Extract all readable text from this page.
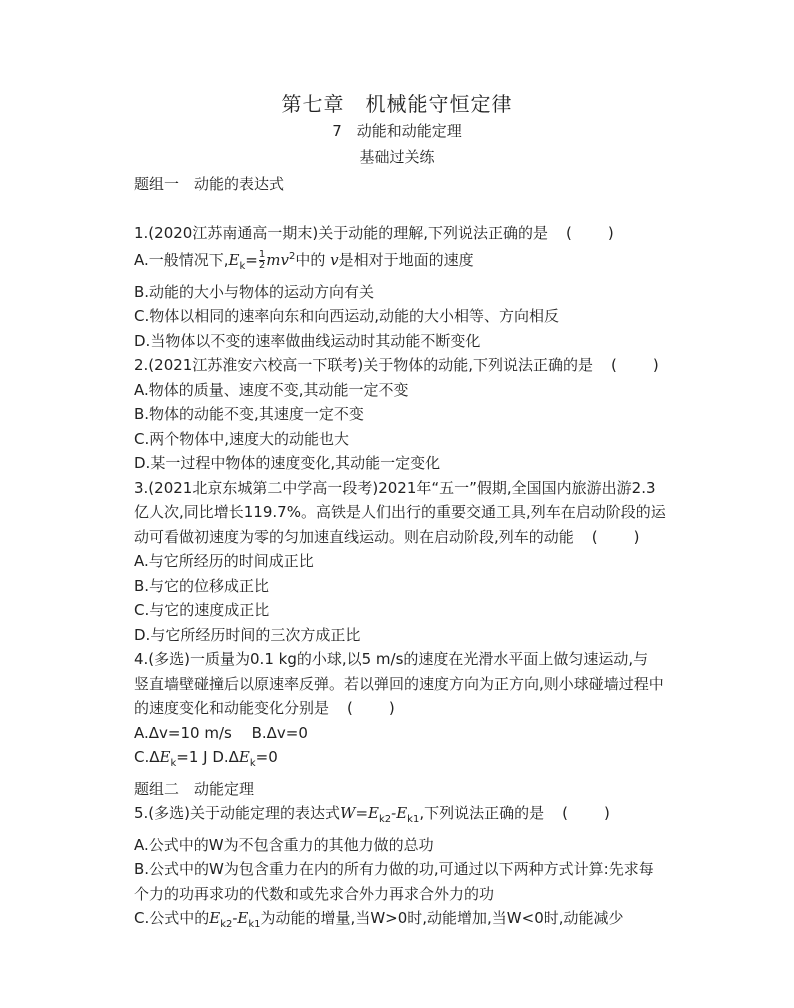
第七章　机械能守恒定律
7　动能和动能定理
基础过关练

题组一　动能的表达式

1.(2020江苏南通高一期末)关于动能的理解,下列说法正确的是 (　　)

A.一般情况下$,E_k= \frac{1}{2} mv^2$中的 v是相对于地面的速度

B.动能的大小与物体的运动方向有关

C.物体以相同的速率向东和向西运动,动能的大小相等、方向相反

D.当物体以不变的速率做曲线运动时其动能不断变化

2.(2021江苏淮安六校高一下联考)关于物体的动能,下列说法正确的是 (　　)

A.物体的质量、速度不变,其动能一定不变

B.物体的动能不变,其速度一定不变

C.两个物体中,速度大的动能也大

D.某一过程中物体的速度变化,其动能一定变化

3.(2021北京东城第二中学高一段考)2021年“五一”假期,全国国内旅游出游2.3

亿人次,同比增长119.7%。高铁是人们出行的重要交通工具,列车在启动阶段的运

动可看做初速度为零的匀加速直线运动。则在启动阶段,列车的动能 (　　)

A.与它所经历的时间成正比

B.与它的位移成正比

C.与它的速度成正比

D.与它所经历时间的三次方成正比

4.(多选)一质量为0.1 kg的小球,以5 m/s的速度在光滑水平面上做匀速运动,与

竖直墙壁碰撞后以原速率反弹。若以弹回的速度方向为正方向,则小球碰墙过程中

的速度变化和动能变化分别是 (　　)

A.Δv=10 m/s　 B.Δv=0

$C.\Delta E_k=1$ J $D.\Delta E_k=0$

题组二　动能定理

5.(多选)关于动能定理的表达式$W=E_{k2}-E_{k1}$,下列说法正确的是 (　　)

A.公式中的W为不包含重力的其他力做的总功

B.公式中的W为包含重力在内的所有力做的功,可通过以下两种方式计算:先求每

个力的功再求功的代数和或先求合外力再求合外力的功

C.公式中的$E_{k2}-E_{k1}$为动能的增量,当W>0时,动能增加,当W<0时,动能减少
